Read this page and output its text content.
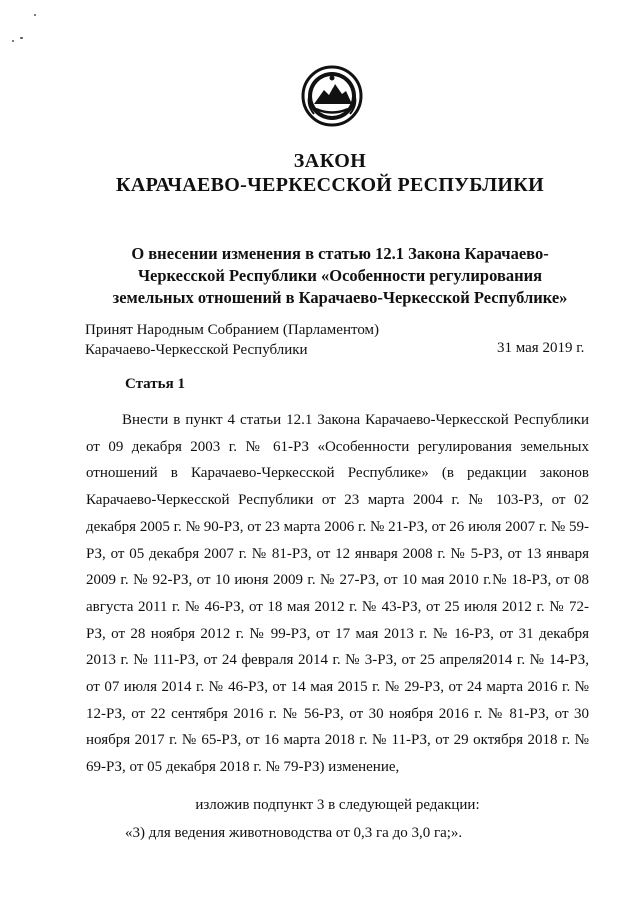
ЗАКОН
КАРАЧАЕВО-ЧЕРКЕССКОЙ РЕСПУБЛИКИ
О внесении изменения в статью 12.1 Закона Карачаево-
Черкесской Республики «Особенности регулирования
земельных отношений в Карачаево-Черкесской Республике»
Принят Народным Собранием (Парламентом)
Карачаево-Черкесской Республики	31 мая 2019 г.
Статья 1
Внести в пункт 4 статьи 12.1 Закона Карачаево-Черкесской Республики от 09 декабря 2003 г. № 61-РЗ «Особенности регулирования земельных отношений в Карачаево-Черкесской Республике» (в редакции законов Карачаево-Черкесской Республики от 23 марта 2004 г. № 103-РЗ, от 02 декабря 2005 г. № 90-РЗ, от 23 марта 2006 г. № 21-РЗ, от 26 июля 2007 г. № 59-РЗ, от 05 декабря 2007 г. № 81-РЗ, от 12 января 2008 г. № 5-РЗ, от 13 января 2009 г. № 92-РЗ, от 10 июня 2009 г. № 27-РЗ, от 10 мая 2010 г.№ 18-РЗ, от 08 августа 2011 г. № 46-РЗ, от 18 мая 2012 г. № 43-РЗ, от 25 июля 2012 г. № 72-РЗ, от 28 ноября 2012 г. № 99-РЗ, от 17 мая 2013 г. № 16-РЗ, от 31 декабря 2013 г. № 111-РЗ, от 24 февраля 2014 г. № 3-РЗ, от 25 апреля2014 г. № 14-РЗ, от 07 июля 2014 г. № 46-РЗ, от 14 мая 2015 г. № 29-РЗ, от 24 марта 2016 г. № 12-РЗ, от 22 сентября 2016 г. № 56-РЗ, от 30 ноября 2016 г. № 81-РЗ, от 30 ноября 2017 г. № 65-РЗ, от 16 марта 2018 г. № 11-РЗ, от 29 октября 2018 г. № 69-РЗ, от 05 декабря 2018 г. № 79-РЗ) изменение,
изложив подпункт 3 в следующей редакции:
«3) для ведения животноводства от 0,3 га до 3,0 га;».
